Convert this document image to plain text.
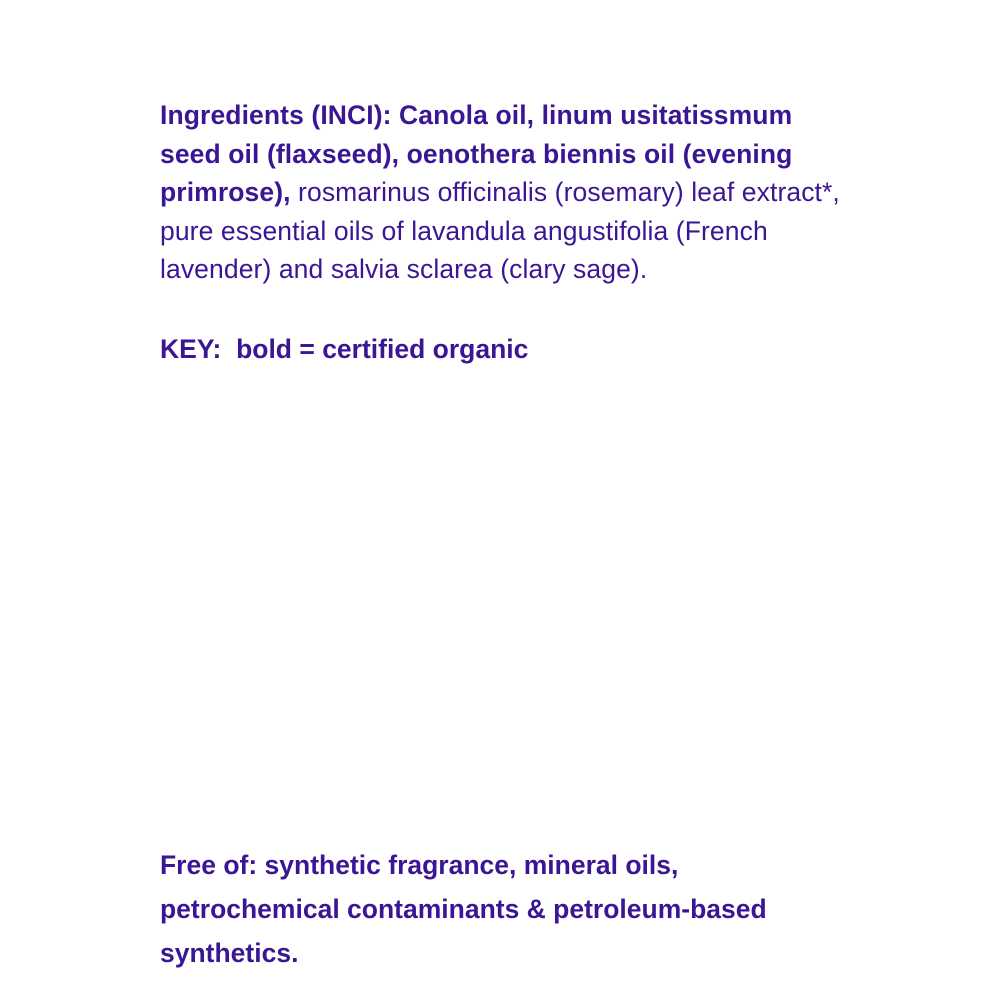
Ingredients (INCI): Canola oil, linum usitatissmum seed oil (flaxseed), oenothera biennis oil (evening primrose), rosmarinus officinalis (rosemary) leaf extract*, pure essential oils of lavandula angustifolia (French lavender) and salvia sclarea (clary sage).

KEY:  bold = certified organic

Free of: synthetic fragrance, mineral oils, petrochemical contaminants & petroleum-based synthetics.
